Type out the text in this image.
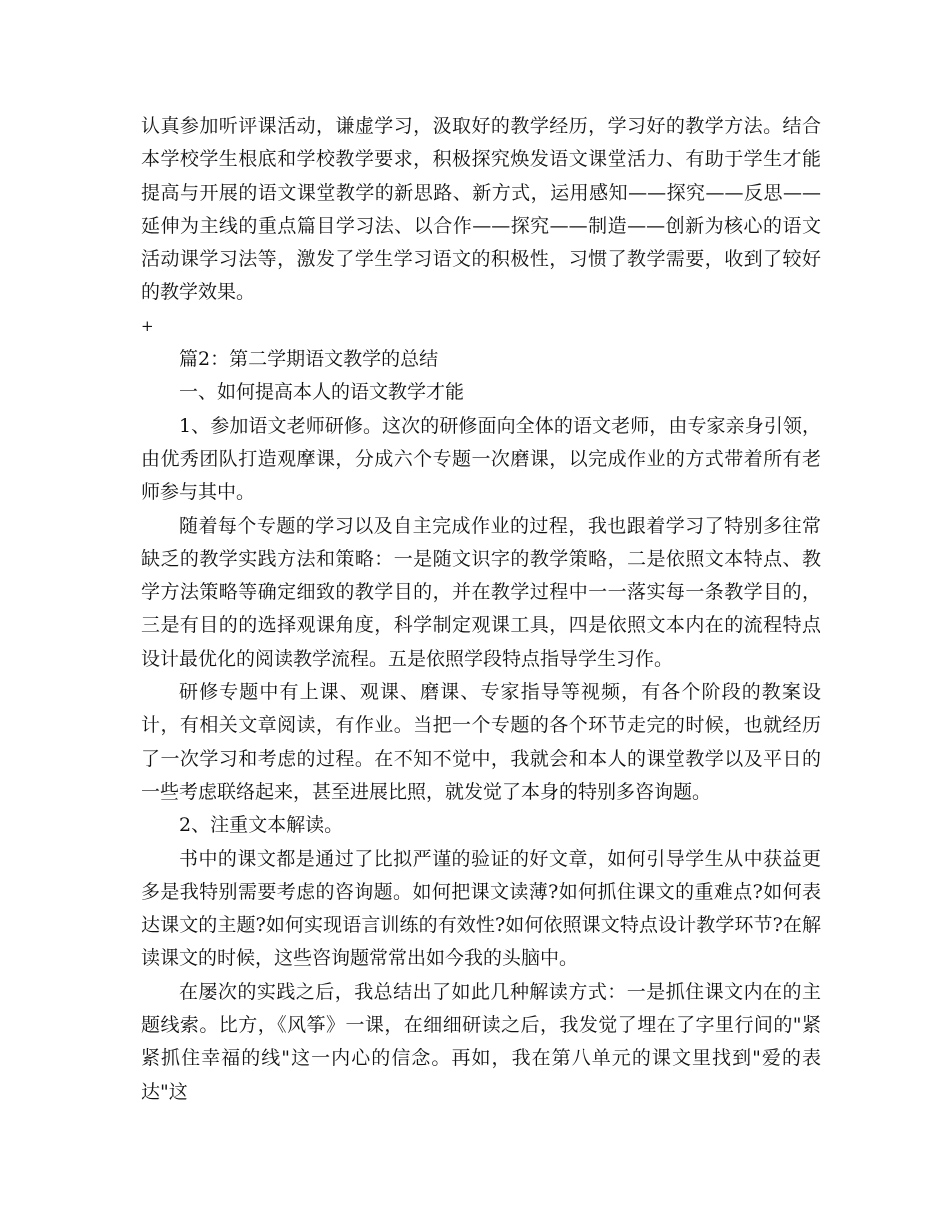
认真参加听评课活动，谦虚学习，汲取好的教学经历，学习好的教学方法。结合本学校学生根底和学校教学要求，积极探究焕发语文课堂活力、有助于学生才能提高与开展的语文课堂教学的新思路、新方式，运用感知——探究——反思——延伸为主线的重点篇目学习法、以合作——探究——制造——创新为核心的语文活动课学习法等，激发了学生学习语文的积极性，习惯了教学需要，收到了较好的教学效果。

+

篇2：第二学期语文教学的总结

一、如何提高本人的语文教学才能

1、参加语文老师研修。这次的研修面向全体的语文老师，由专家亲身引领，由优秀团队打造观摩课，分成六个专题一次磨课，以完成作业的方式带着所有老师参与其中。

随着每个专题的学习以及自主完成作业的过程，我也跟着学习了特别多往常缺乏的教学实践方法和策略：一是随文识字的教学策略，二是依照文本特点、教学方法策略等确定细致的教学目的，并在教学过程中一一落实每一条教学目的，三是有目的的选择观课角度，科学制定观课工具，四是依照文本内在的流程特点设计最优化的阅读教学流程。五是依照学段特点指导学生习作。

研修专题中有上课、观课、磨课、专家指导等视频，有各个阶段的教案设计，有相关文章阅读，有作业。当把一个专题的各个环节走完的时候，也就经历了一次学习和考虑的过程。在不知不觉中，我就会和本人的课堂教学以及平日的一些考虑联络起来，甚至进展比照，就发觉了本身的特别多咨询题。

2、注重文本解读。

书中的课文都是通过了比拟严谨的验证的好文章，如何引导学生从中获益更多是我特别需要考虑的咨询题。如何把课文读薄?如何抓住课文的重难点?如何表达课文的主题?如何实现语言训练的有效性?如何依照课文特点设计教学环节?在解读课文的时候，这些咨询题常常出如今我的头脑中。

在屡次的实践之后，我总结出了如此几种解读方式：一是抓住课文内在的主题线索。比方，《风筝》一课，在细细研读之后，我发觉了埋在了字里行间的"紧紧抓住幸福的线"这一内心的信念。再如，我在第八单元的课文里找到"爱的表达"这
